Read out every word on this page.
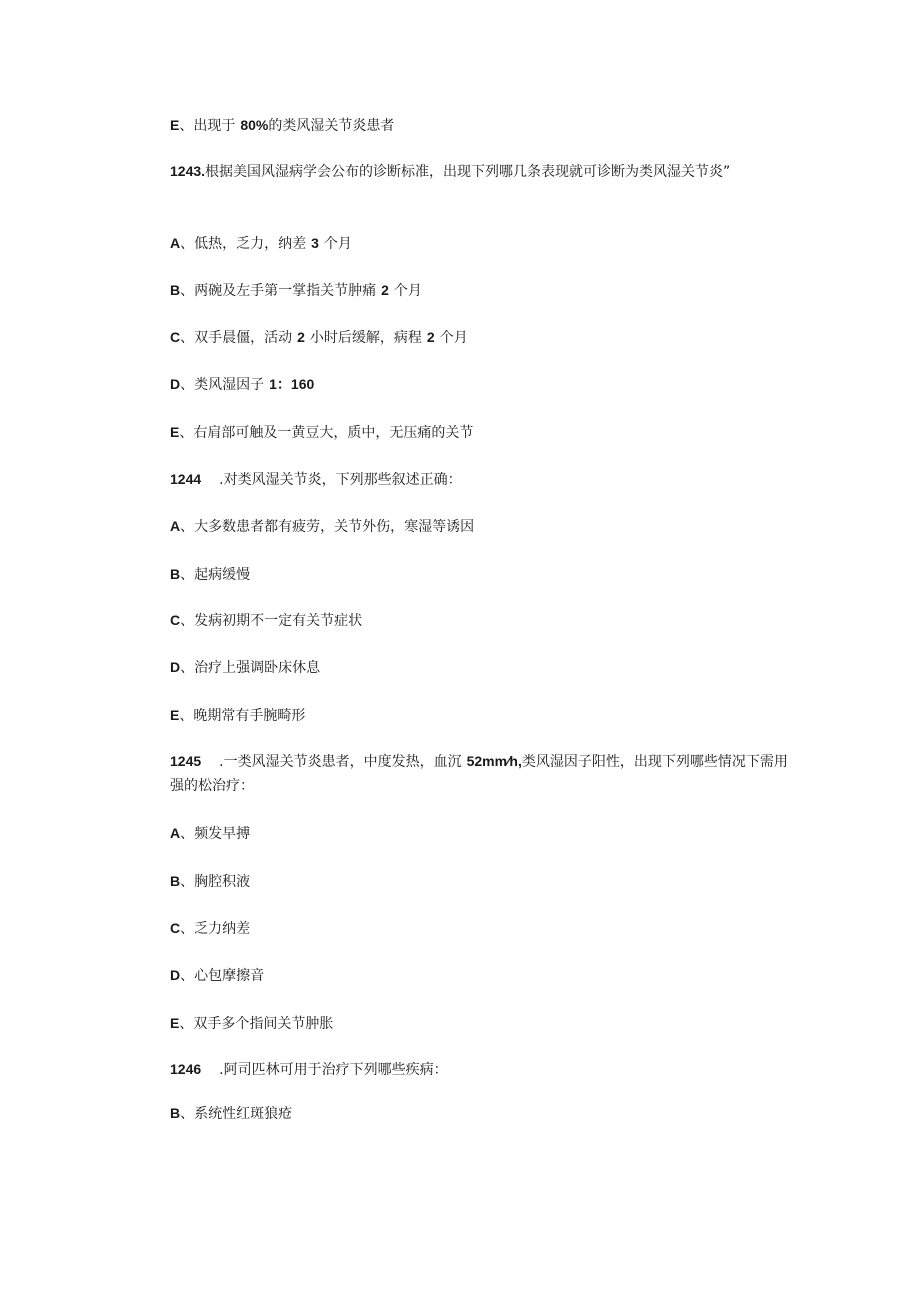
E、出现于 80%的类风湿关节炎患者
1243.根据美国风湿病学会公布的诊断标准，出现下列哪几条表现就可诊断为类风湿关节炎”
A、低热，乏力，纳差 3 个月
B、两碗及左手第一掌指关节肿痛 2 个月
C、双手晨僵，活动 2 小时后缓解，病程 2 个月
D、类风湿因子 1：160
E、右肩部可触及一黄豆大，质中，无压痛的关节
1244 .对类风湿关节炎，下列那些叙述正确：
A、大多数患者都有疲劳，关节外伤，寒湿等诱因
B、起病缓慢
C、发病初期不一定有关节症状
D、治疗上强调卧床休息
E、晚期常有手腕畸形
1245 .一类风湿关节炎患者，中度发热，血沉 52mm∕h,类风湿因子阳性，出现下列哪些情况下需用强的松治疗：
A、频发早搏
B、胸腔积液
C、乏力纳差
D、心包摩擦音
E、双手多个指间关节肿胀
1246 .阿司匹林可用于治疗下列哪些疾病：
B、系统性红斑狼疮
